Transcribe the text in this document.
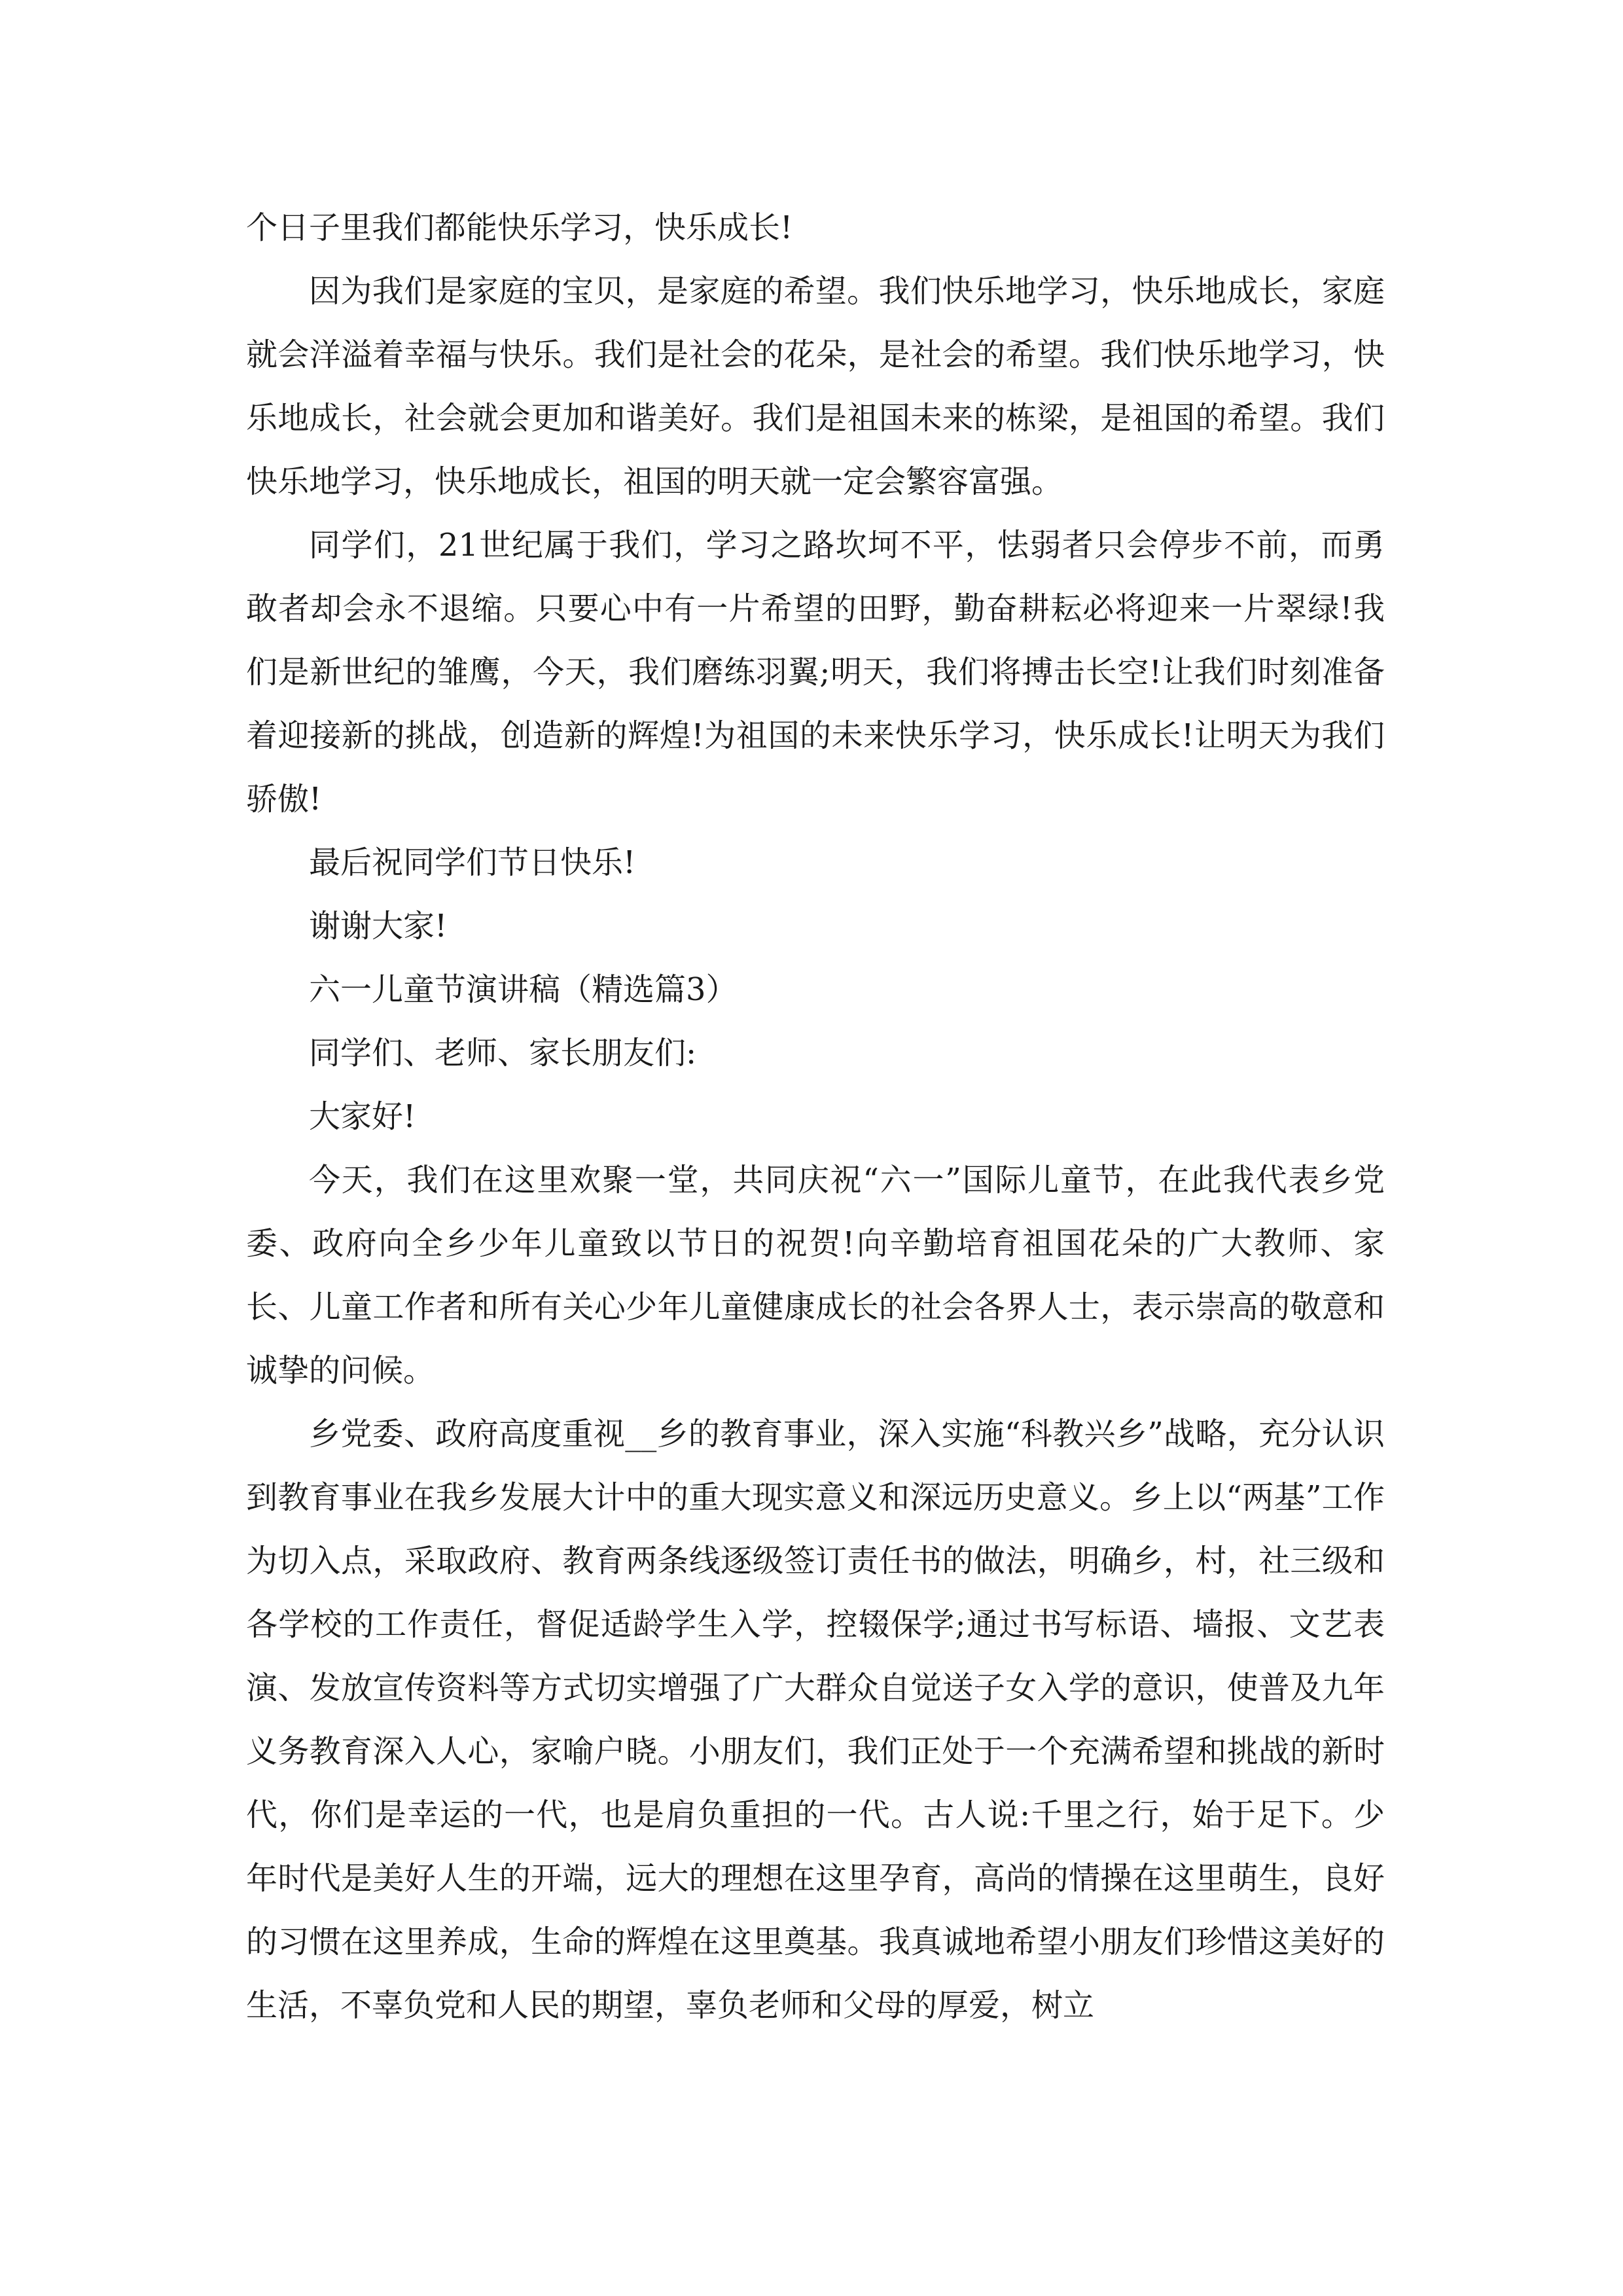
个日子里我们都能快乐学习，快乐成长!

因为我们是家庭的宝贝，是家庭的希望。我们快乐地学习，快乐地成长，家庭就会洋溢着幸福与快乐。我们是社会的花朵，是社会的希望。我们快乐地学习，快乐地成长，社会就会更加和谐美好。我们是祖国未来的栋梁，是祖国的希望。我们快乐地学习，快乐地成长，祖国的明天就一定会繁容富强。

同学们，21世纪属于我们，学习之路坎坷不平，怯弱者只会停步不前，而勇敢者却会永不退缩。只要心中有一片希望的田野，勤奋耕耘必将迎来一片翠绿!我们是新世纪的雏鹰，今天，我们磨练羽翼;明天，我们将搏击长空!让我们时刻准备着迎接新的挑战，创造新的辉煌!为祖国的未来快乐学习，快乐成长!让明天为我们骄傲!

最后祝同学们节日快乐!

谢谢大家!

六一儿童节演讲稿（精选篇3）

同学们、老师、家长朋友们:

大家好!

今天，我们在这里欢聚一堂，共同庆祝“六一”国际儿童节，在此我代表乡党委、政府向全乡少年儿童致以节日的祝贺!向辛勤培育祖国花朵的广大教师、家长、儿童工作者和所有关心少年儿童健康成长的社会各界人士，表示崇高的敬意和诚挚的问候。

乡党委、政府高度重视__乡的教育事业，深入实施“科教兴乡”战略，充分认识到教育事业在我乡发展大计中的重大现实意义和深远历史意义。乡上以“两基”工作为切入点，采取政府、教育两条线逐级签订责任书的做法，明确乡，村，社三级和各学校的工作责任，督促适龄学生入学，控辍保学;通过书写标语、墙报、文艺表演、发放宣传资料等方式切实增强了广大群众自觉送子女入学的意识，使普及九年义务教育深入人心，家喻户晓。小朋友们，我们正处于一个充满希望和挑战的新时代，你们是幸运的一代，也是肩负重担的一代。古人说:千里之行，始于足下。少年时代是美好人生的开端，远大的理想在这里孕育，高尚的情操在这里萌生，良好的习惯在这里养成，生命的辉煌在这里奠基。我真诚地希望小朋友们珍惜这美好的生活，不辜负党和人民的期望，辜负老师和父母的厚爱，树立
